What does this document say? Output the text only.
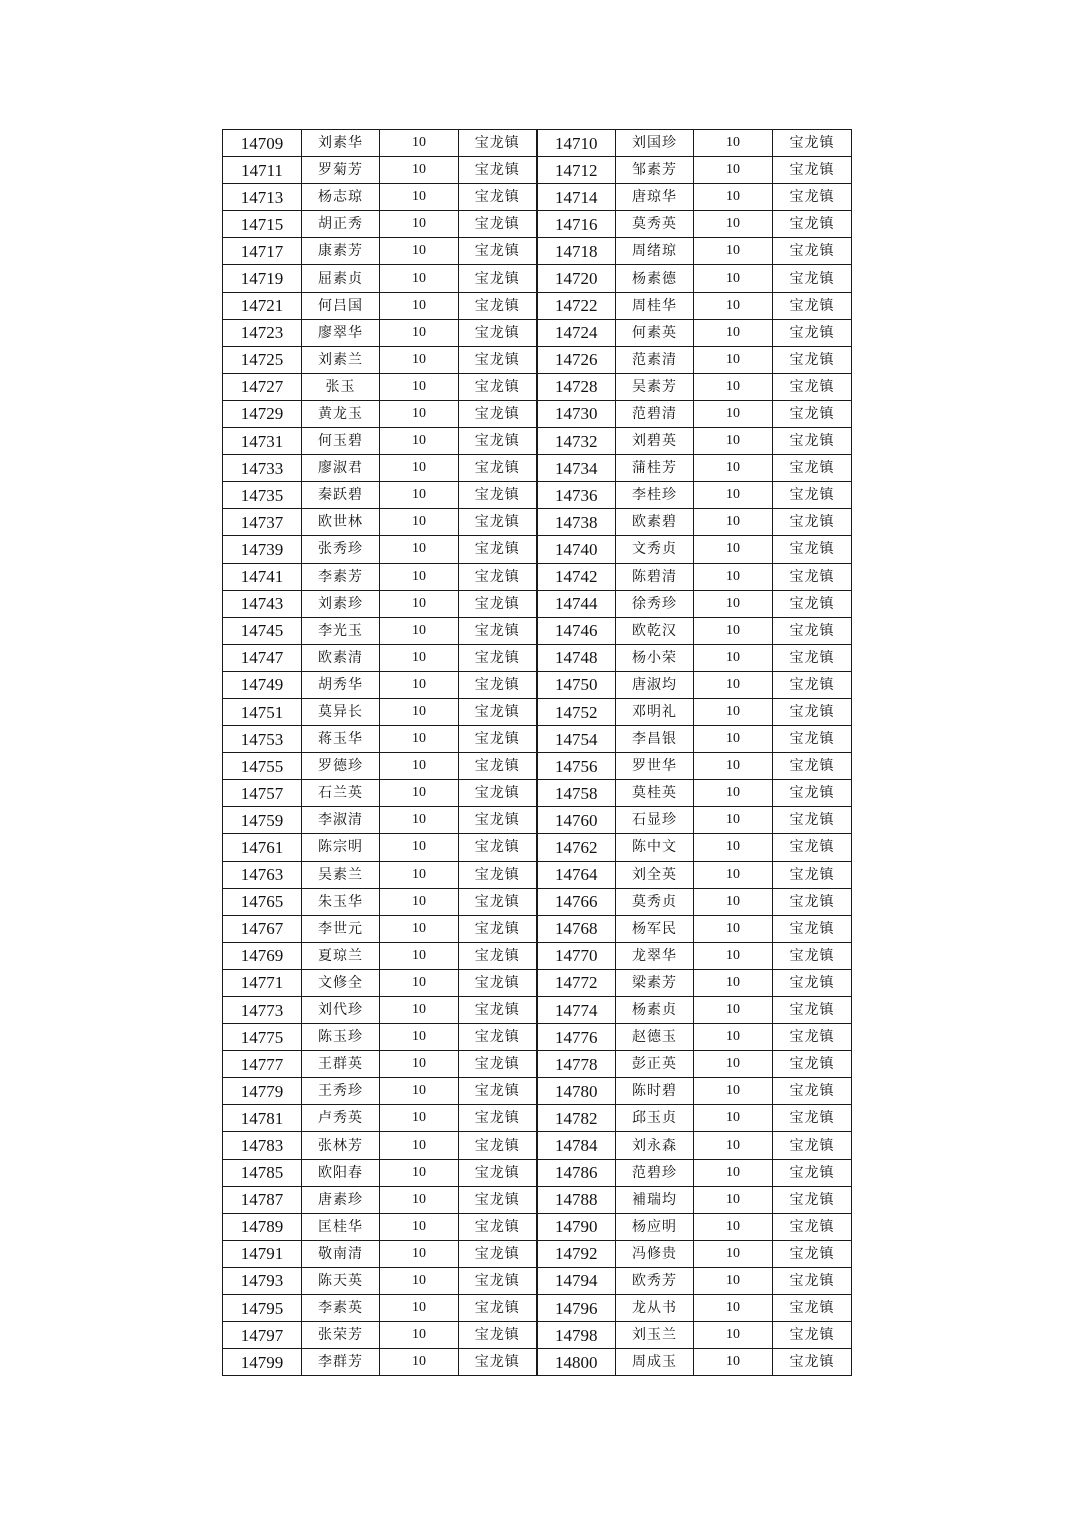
14709	刘素华	10	宝龙镇	14710	刘国珍	10	宝龙镇
14711	罗菊芳	10	宝龙镇	14712	邹素芳	10	宝龙镇
14713	杨志琼	10	宝龙镇	14714	唐琼华	10	宝龙镇
14715	胡正秀	10	宝龙镇	14716	莫秀英	10	宝龙镇
14717	康素芳	10	宝龙镇	14718	周绪琼	10	宝龙镇
14719	屈素贞	10	宝龙镇	14720	杨素德	10	宝龙镇
14721	何吕国	10	宝龙镇	14722	周桂华	10	宝龙镇
14723	廖翠华	10	宝龙镇	14724	何素英	10	宝龙镇
14725	刘素兰	10	宝龙镇	14726	范素清	10	宝龙镇
14727	张玉	10	宝龙镇	14728	吴素芳	10	宝龙镇
14729	黄龙玉	10	宝龙镇	14730	范碧清	10	宝龙镇
14731	何玉碧	10	宝龙镇	14732	刘碧英	10	宝龙镇
14733	廖淑君	10	宝龙镇	14734	蒲桂芳	10	宝龙镇
14735	秦跃碧	10	宝龙镇	14736	李桂珍	10	宝龙镇
14737	欧世林	10	宝龙镇	14738	欧素碧	10	宝龙镇
14739	张秀珍	10	宝龙镇	14740	文秀贞	10	宝龙镇
14741	李素芳	10	宝龙镇	14742	陈碧清	10	宝龙镇
14743	刘素珍	10	宝龙镇	14744	徐秀珍	10	宝龙镇
14745	李光玉	10	宝龙镇	14746	欧乾汉	10	宝龙镇
14747	欧素清	10	宝龙镇	14748	杨小荣	10	宝龙镇
14749	胡秀华	10	宝龙镇	14750	唐淑均	10	宝龙镇
14751	莫异长	10	宝龙镇	14752	邓明礼	10	宝龙镇
14753	蒋玉华	10	宝龙镇	14754	李昌银	10	宝龙镇
14755	罗德珍	10	宝龙镇	14756	罗世华	10	宝龙镇
14757	石兰英	10	宝龙镇	14758	莫桂英	10	宝龙镇
14759	李淑清	10	宝龙镇	14760	石显珍	10	宝龙镇
14761	陈宗明	10	宝龙镇	14762	陈中文	10	宝龙镇
14763	吴素兰	10	宝龙镇	14764	刘全英	10	宝龙镇
14765	朱玉华	10	宝龙镇	14766	莫秀贞	10	宝龙镇
14767	李世元	10	宝龙镇	14768	杨军民	10	宝龙镇
14769	夏琼兰	10	宝龙镇	14770	龙翠华	10	宝龙镇
14771	文修全	10	宝龙镇	14772	梁素芳	10	宝龙镇
14773	刘代珍	10	宝龙镇	14774	杨素贞	10	宝龙镇
14775	陈玉珍	10	宝龙镇	14776	赵德玉	10	宝龙镇
14777	王群英	10	宝龙镇	14778	彭正英	10	宝龙镇
14779	王秀珍	10	宝龙镇	14780	陈时碧	10	宝龙镇
14781	卢秀英	10	宝龙镇	14782	邱玉贞	10	宝龙镇
14783	张林芳	10	宝龙镇	14784	刘永森	10	宝龙镇
14785	欧阳春	10	宝龙镇	14786	范碧珍	10	宝龙镇
14787	唐素珍	10	宝龙镇	14788	補瑞均	10	宝龙镇
14789	匡桂华	10	宝龙镇	14790	杨应明	10	宝龙镇
14791	敬南清	10	宝龙镇	14792	冯修贵	10	宝龙镇
14793	陈天英	10	宝龙镇	14794	欧秀芳	10	宝龙镇
14795	李素英	10	宝龙镇	14796	龙从书	10	宝龙镇
14797	张荣芳	10	宝龙镇	14798	刘玉兰	10	宝龙镇
14799	李群芳	10	宝龙镇	14800	周成玉	10	宝龙镇
